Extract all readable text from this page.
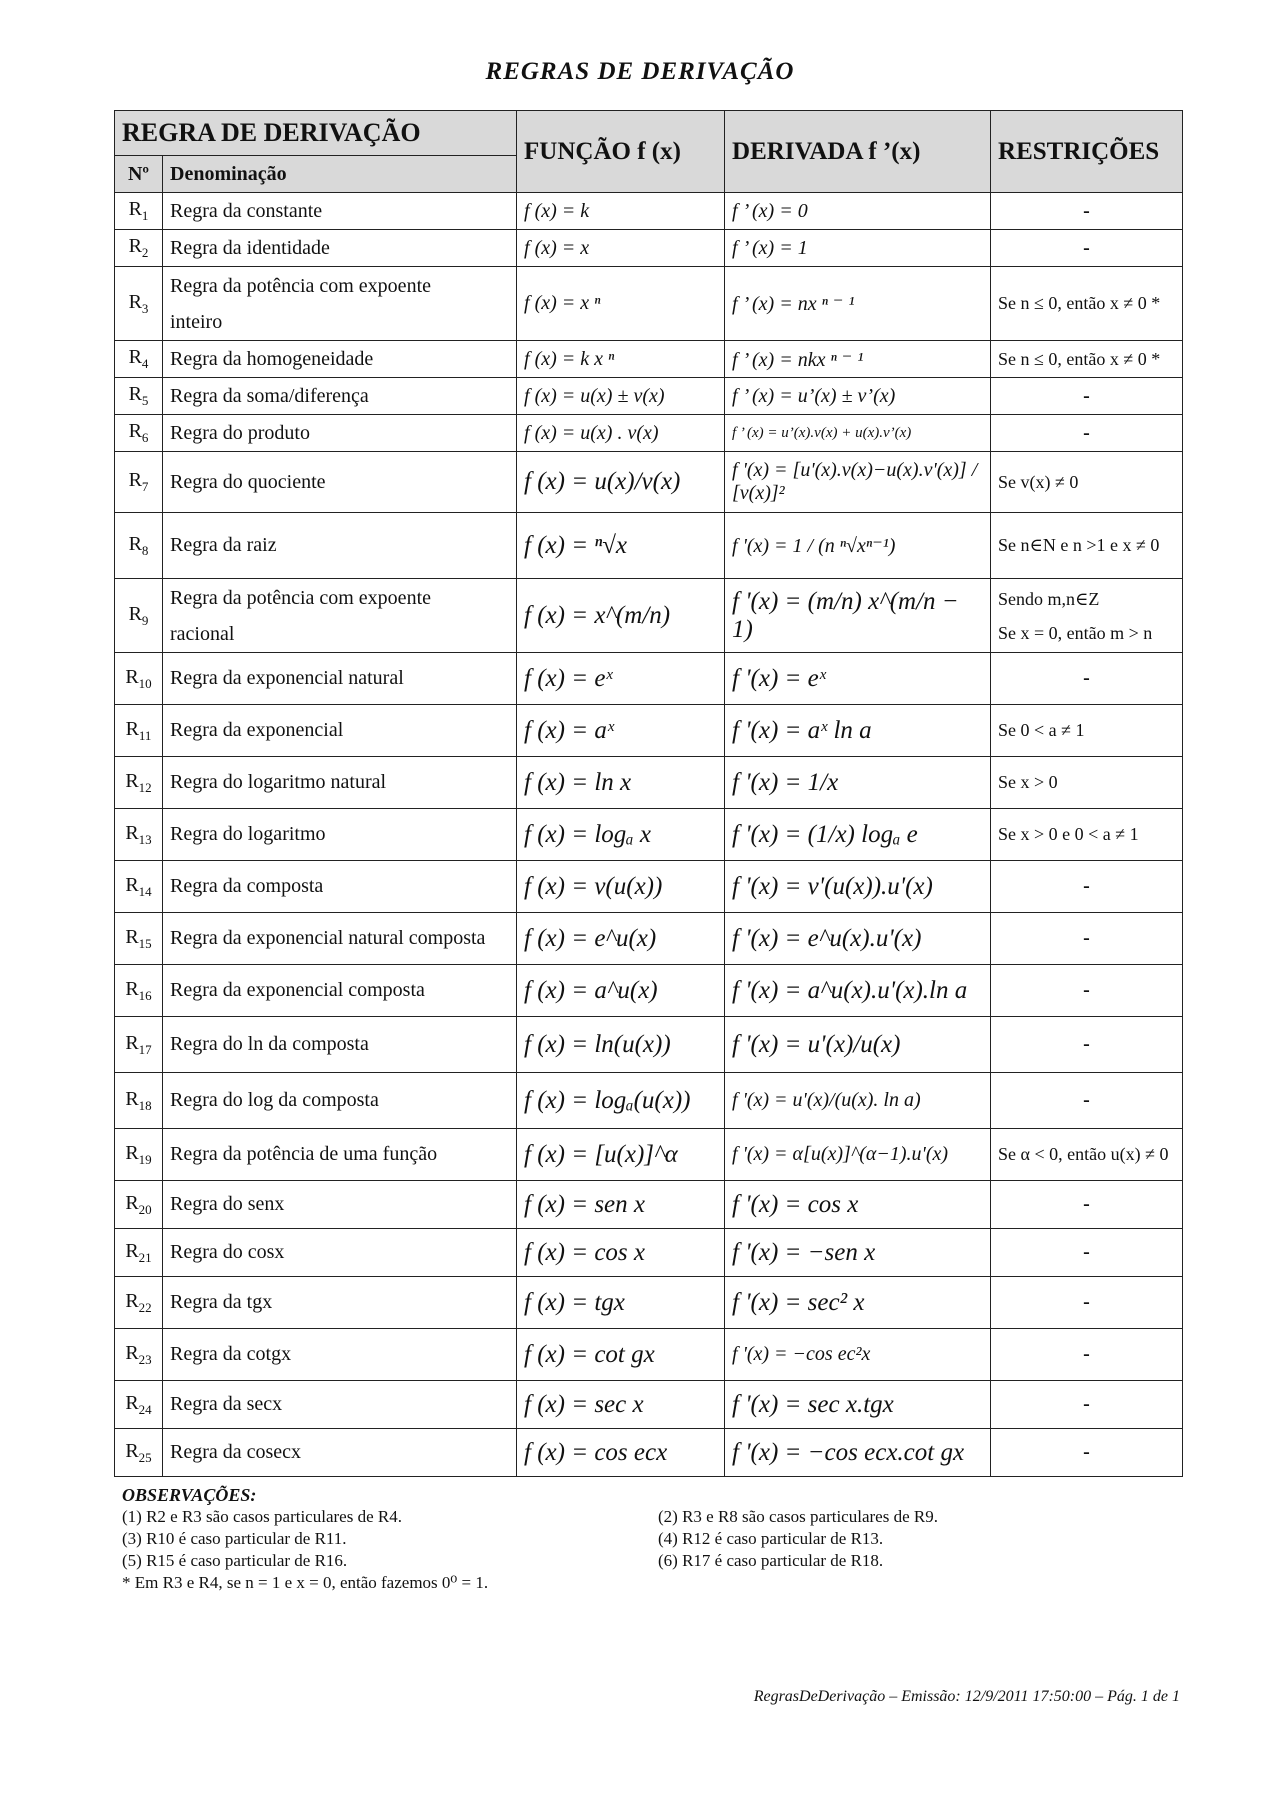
REGRAS DE DERIVAÇÃO
REGRA DE DERIVAÇÃO		FUNÇÃO f (x)	DERIVADA f ’(x)	RESTRIÇÕES
Nº	Denominação			
$R_1$	Regra da constante	f (x) = k	f ’ (x) = 0	-
$R_2$	Regra da identidade	f (x) = x	f ’ (x) = 1	-
$R_3$	Regra da potência com expoente inteiro	f (x) = x ⁿ	f ’ (x) = nx ⁿ ⁻ ¹	Se n ≤ 0, então x ≠ 0 *
$R_4$	Regra da homogeneidade	f (x) = k x ⁿ	f ’ (x) = nkx ⁿ ⁻ ¹	Se n ≤ 0, então x ≠ 0 *
$R_5$	Regra da soma/diferença	f (x) = u(x) ± v(x)	f ’ (x) = u’(x) ± v’(x)	-
$R_6$	Regra do produto	f (x) = u(x) . v(x)	f ’ (x) = u’(x).v(x) + u(x).v’(x)	-
$R_7$	Regra do quociente	f (x) = u(x)/v(x)	f '(x) = [u'(x).v(x)−u(x).v'(x)] / [v(x)]²	Se v(x) ≠ 0
$R_8$	Regra da raiz	f (x) = ⁿ√x	f '(x) = 1 / (n ⁿ√xⁿ⁻¹)	Se n∈N e n >1 e x ≠ 0
$R_9$	Regra da potência com expoente racional	f (x) = x^(m/n)	f '(x) = (m/n) x^(m/n − 1)	Sendo m,n∈Z
Se x = 0, então m > n

$R_{10}$	Regra da exponencial natural	f (x) = eˣ	f '(x) = eˣ	-
$R_{11}$	Regra da exponencial	f (x) = aˣ	f '(x) = aˣ ln a	Se 0 < a ≠ 1
$R_{12}$	Regra do logaritmo natural	f (x) = ln x	f '(x) = 1/x	Se x > 0
$R_{13}$	Regra do logaritmo	f (x) = logₐ x	f '(x) = (1/x) logₐ e	Se x > 0 e 0 < a ≠ 1
$R_{14}$	Regra da composta	f (x) = v(u(x))	f '(x) = v'(u(x)).u'(x)	-
$R_{15}$	Regra da exponencial natural composta	f (x) = e^u(x)	f '(x) = e^u(x).u'(x)	-
$R_{16}$	Regra da exponencial composta	f (x) = a^u(x)	f '(x) = a^u(x).u'(x).ln a	-
$R_{17}$	Regra do ln da composta	f (x) = ln(u(x))	f '(x) = u'(x)/u(x)	-
$R_{18}$	Regra do log da composta	f (x) = logₐ(u(x))	f '(x) = u'(x)/(u(x). ln a)	-
$R_{19}$	Regra da potência de uma função	f (x) = [u(x)]^α	f '(x) = α[u(x)]^(α−1).u'(x)	Se α < 0, então u(x) ≠ 0
$R_{20}$	Regra do senx	f (x) = sen x	f '(x) = cos x	-
$R_{21}$	Regra do cosx	f (x) = cos x	f '(x) = −sen x	-
$R_{22}$	Regra da tgx	f (x) = tgx	f '(x) = sec² x	-
$R_{23}$	Regra da cotgx	f (x) = cot gx	f '(x) = −cos ec²x	-
$R_{24}$	Regra da secx	f (x) = sec x	f '(x) = sec x.tgx	-
$R_{25}$	Regra da cosecx	f (x) = cos ecx	f '(x) = −cos ecx.cot gx	-
OBSERVAÇÕES:
(1) R2 e R3 são casos particulares de R4.	(2) R3 e R8 são casos particulares de R9.
(3) R10 é caso particular de R11.	(4) R12 é caso particular de R13.
(5) R15 é caso particular de R16.	(6) R17 é caso particular de R18.
* Em R3 e R4, se n = 1 e x = 0, então fazemos 0⁰ = 1.
RegrasDeDerivação – Emissão: 12/9/2011 17:50:00 – Pág. 1 de 1
